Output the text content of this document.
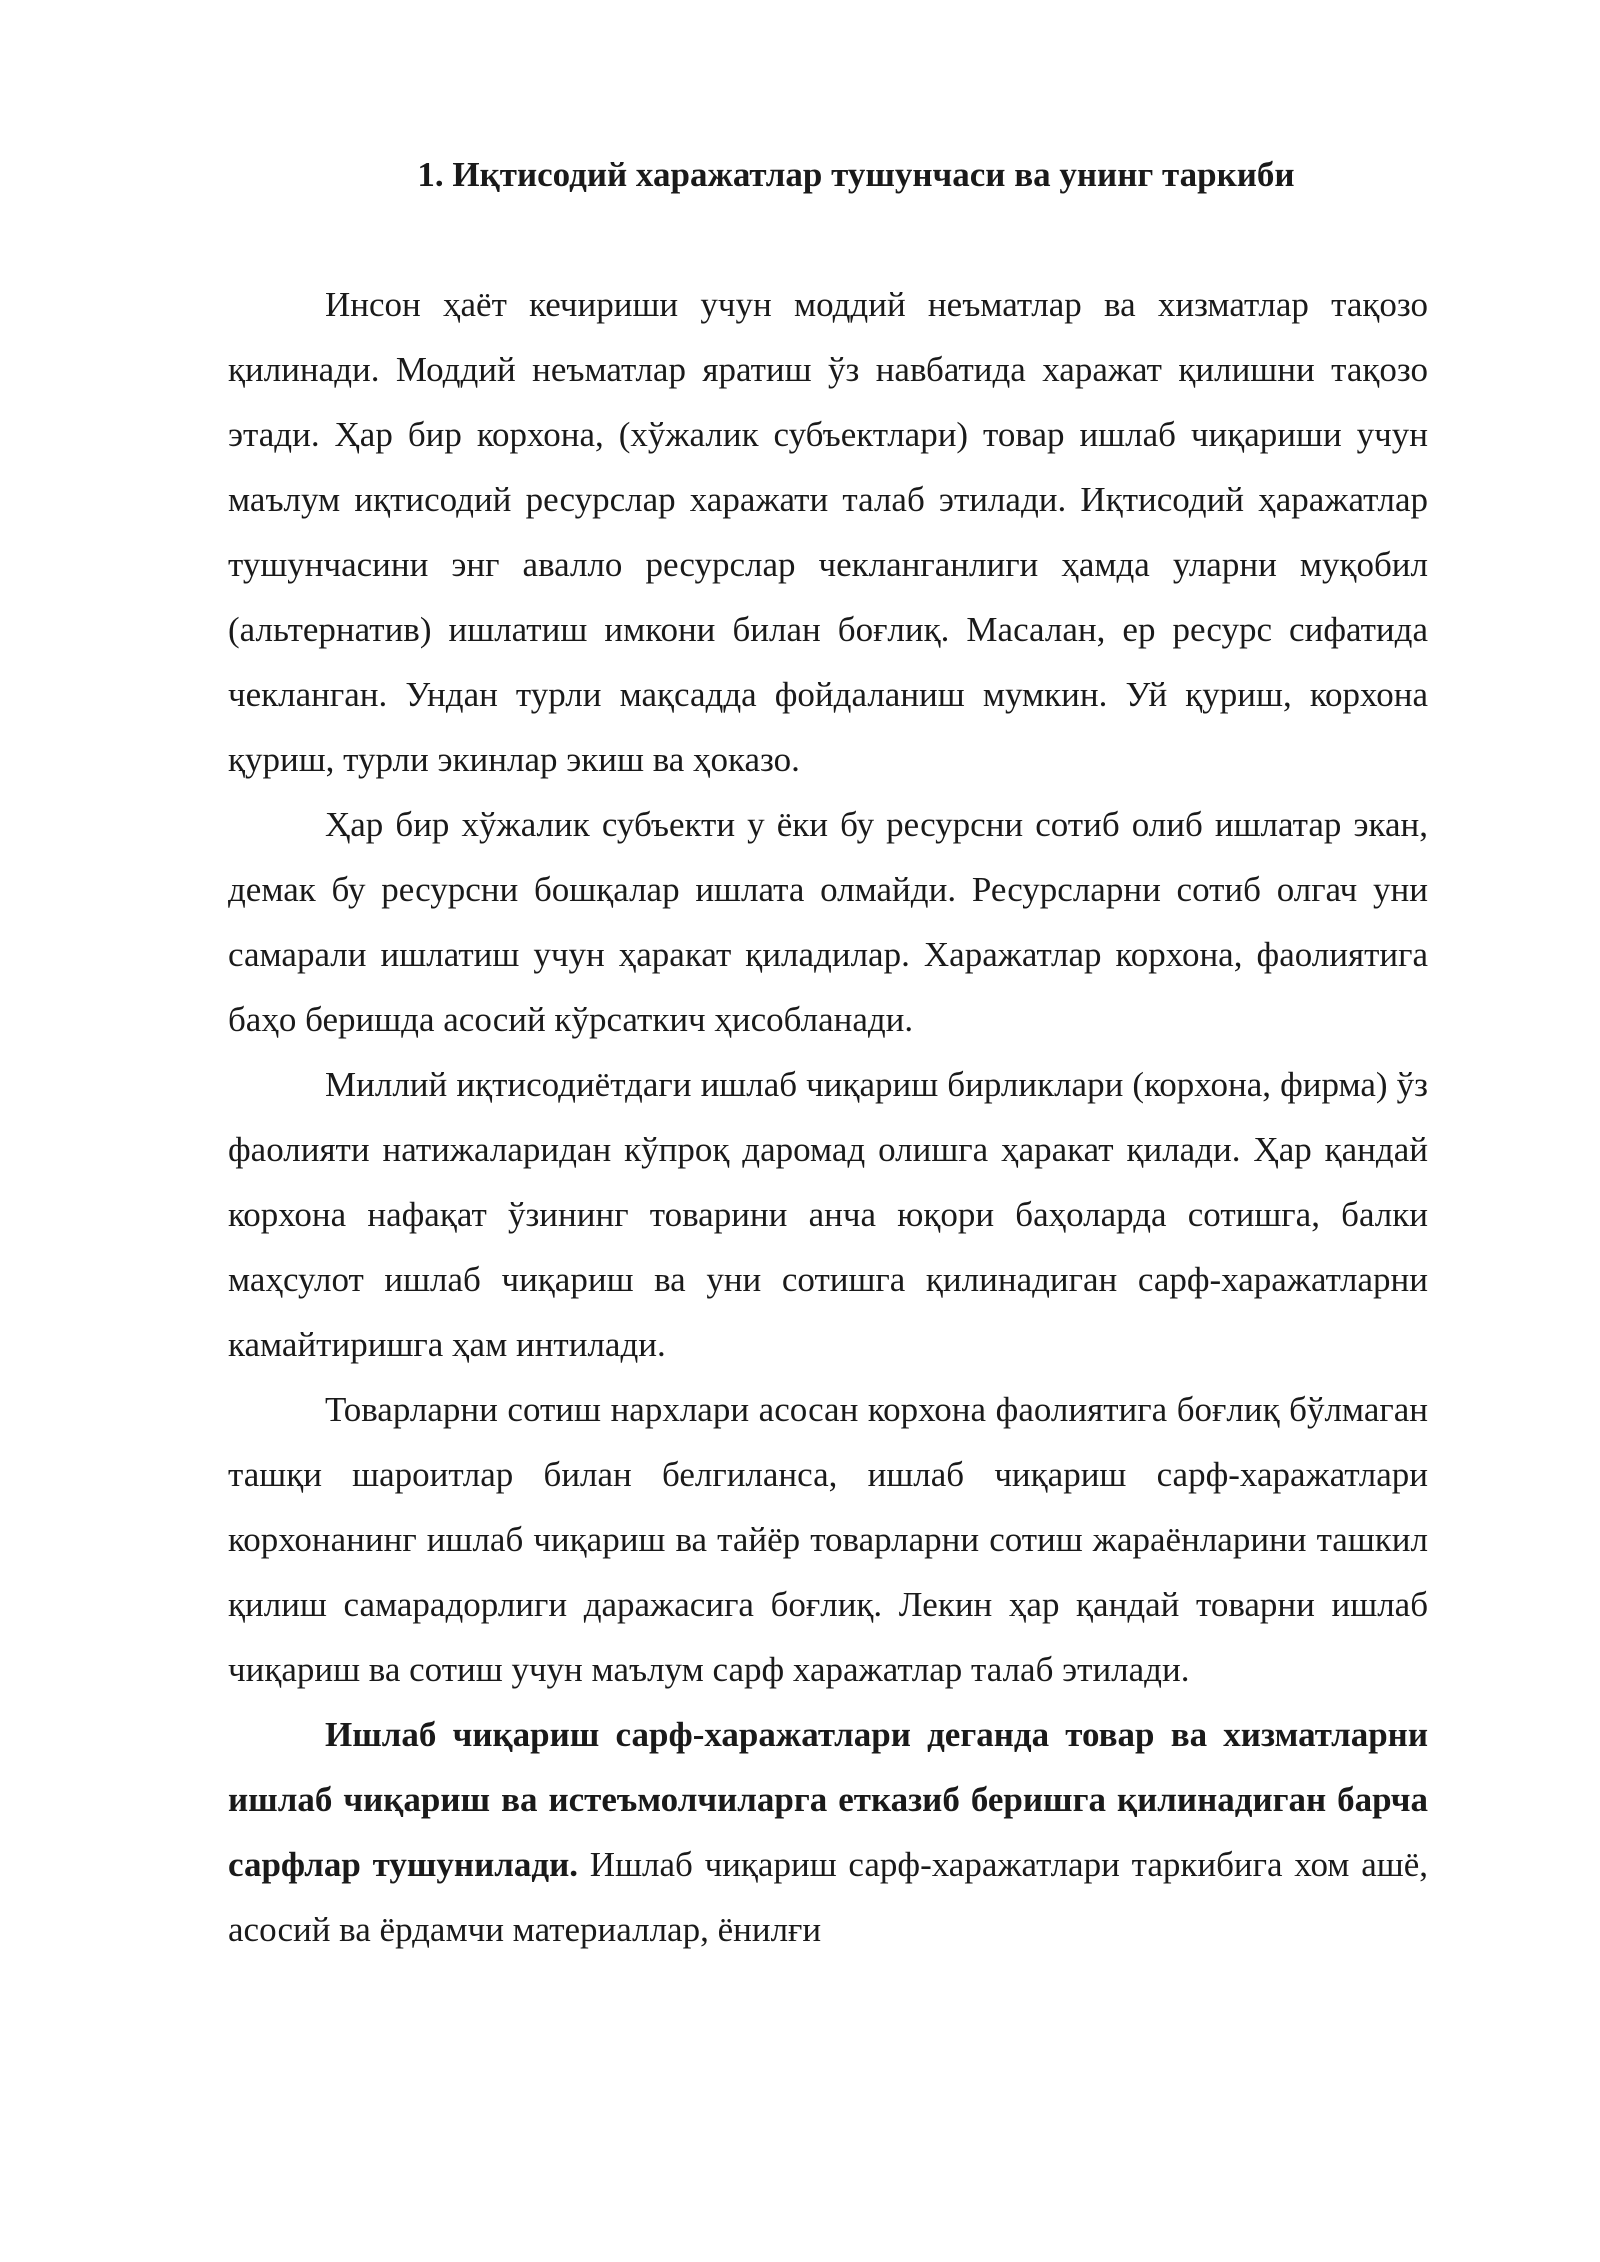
1. Иқтисодий харажатлар тушунчаси ва унинг таркиби

Инсон ҳаёт кечириши учун моддий неъматлар ва хизматлар тақозо қилинади. Моддий неъматлар яратиш ўз навбатида харажат қилишни тақозо этади. Ҳар бир корхона, (хўжалик субъектлари) товар ишлаб чиқариши учун маълум иқтисодий ресурслар харажати талаб этилади. Иқтисодий ҳаражатлар тушунчасини энг авалло ресурслар чекланганлиги ҳамда уларни муқобил (альтернатив) ишлатиш имкони билан боғлиқ. Масалан, ер ресурс сифатида чекланган. Ундан турли мақсадда фойдаланиш мумкин. Уй қуриш, корхона қуриш, турли экинлар экиш ва ҳоказо.

Ҳар бир хўжалик субъекти у ёки бу ресурсни сотиб олиб ишлатар экан, демак бу ресурсни бошқалар ишлата олмайди. Ресурсларни сотиб олгач уни самарали ишлатиш учун ҳаракат қиладилар. Харажатлар корхона, фаолиятига баҳо беришда асосий кўрсаткич ҳисобланади.

Миллий иқтисодиётдаги ишлаб чиқариш бирликлари (корхона, фирма) ўз фаолияти натижаларидан кўпроқ даромад олишга ҳаракат қилади. Ҳар қандай корхона нафақат ўзининг товарини анча юқори баҳоларда сотишга, балки маҳсулот ишлаб чиқариш ва уни сотишга қилинадиган сарф-харажатларни камайтиришга ҳам интилади.

Товарларни сотиш нархлари асосан корхона фаолиятига боғлиқ бўлмаган ташқи шароитлар билан белгиланса, ишлаб чиқариш сарф-харажатлари корхонанинг ишлаб чиқариш ва тайёр товарларни сотиш жараёнларини ташкил қилиш самарадорлиги даражасига боғлиқ. Лекин ҳар қандай товарни ишлаб чиқариш ва сотиш учун маълум сарф харажатлар талаб этилади.

Ишлаб чиқариш сарф-харажатлари деганда товар ва хизматларни ишлаб чиқариш ва истеъмолчиларга етказиб беришга қилинадиган барча сарфлар тушунилади. Ишлаб чиқариш сарф-харажатлари таркибига хом ашё, асосий ва ёрдамчи материаллар, ёнилғи
